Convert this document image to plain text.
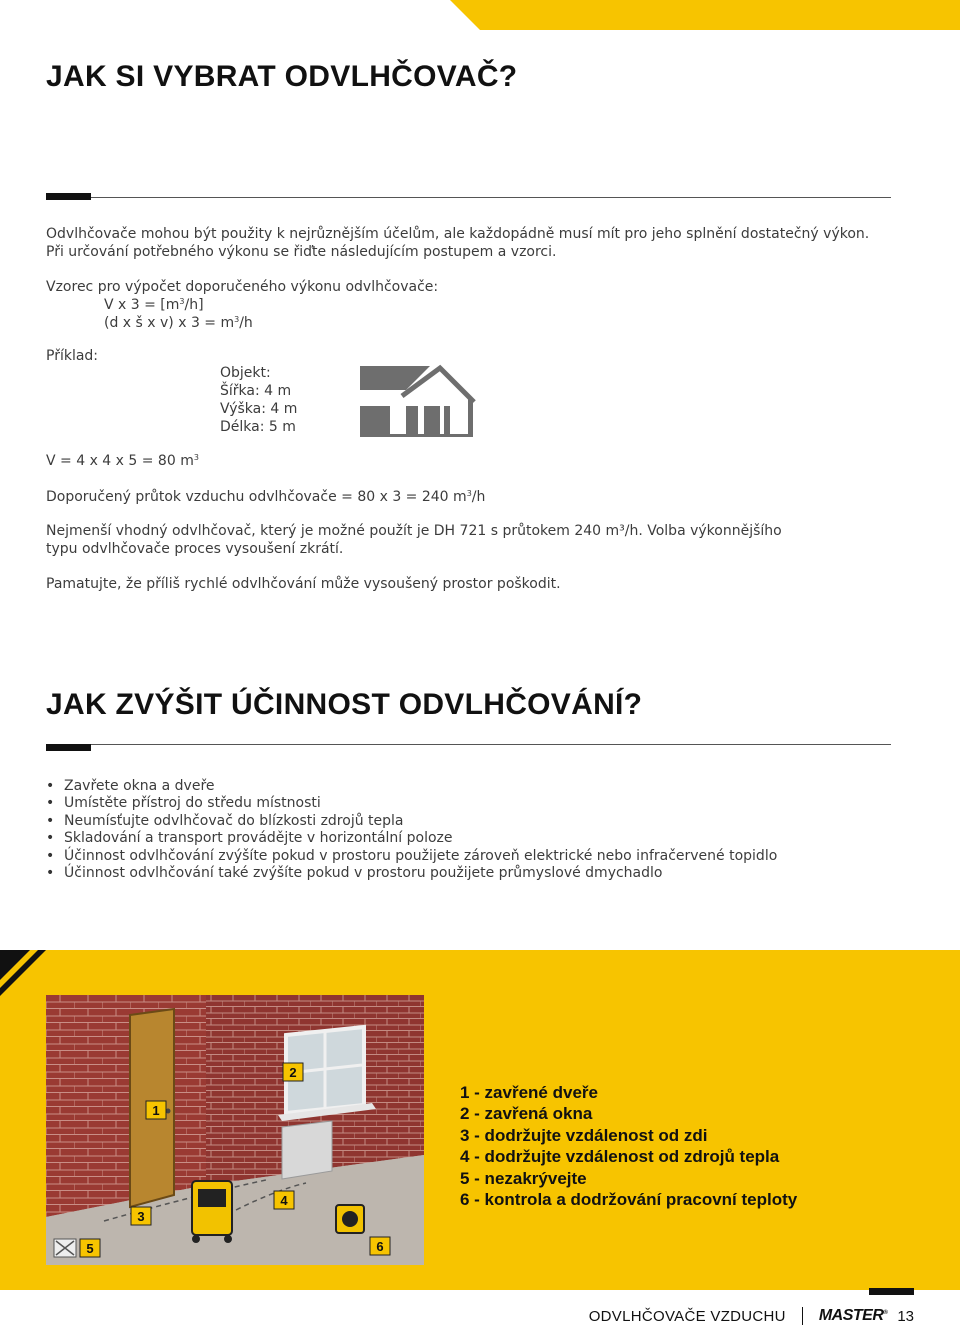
JAK SI VYBRAT ODVLHČOVAČ?
Odvlhčovače mohou být použity k nejrůznějším účelům, ale každopádně musí mít pro jeho splnění dostatečný výkon.
Při určování potřebného výkonu se řiďte následujícím postupem a vzorci.
Vzorec pro výpočet doporučeného výkonu odvlhčovače:
V x $3 = [m^3/h]$
(d x š x v) x $3 = m^3/h$
Příklad:
Objekt:
Šířka: 4 m
Výška: 4 m
Délka: 5 m
V = 4 x 4 x 5 = 80 $m^3$
Doporučený průtok vzduchu odvlhčovače = 80 x 3 = 240 $m^3/h$
Nejmenší vhodný odvlhčovač, který je možné použít je DH 721 s průtokem 240 m³/h. Volba výkonnějšího typu odvlhčovače proces vysoušení zkrátí.
Pamatujte, že příliš rychlé odvlhčování může vysoušený prostor poškodit.
JAK ZVÝŠIT ÚČINNOST ODVLHČOVÁNÍ?
• Zavřete okna a dveře
• Umístěte přístroj do středu místnosti
• Neumísťujte odvlhčovač do blízkosti zdrojů tepla
• Skladování a transport provádějte v horizontální poloze
• Účinnost odvlhčování zvýšíte pokud v prostoru použijete zároveň elektrické nebo infračervené topidlo
• Účinnost odvlhčování také zvýšíte pokud v prostoru použijete průmyslové dmychadlo
1
2
3
4
5	6
1 - zavřené dveře
2 - zavřená okna
3 - dodržujte vzdálenost od zdi
4 - dodržujte vzdálenost od zdrojů tepla
5 - nezakrývejte
6 - kontrola a dodržování pracovní teploty
ODVLHČOVAČE VZDUCHU MASTER® 13
